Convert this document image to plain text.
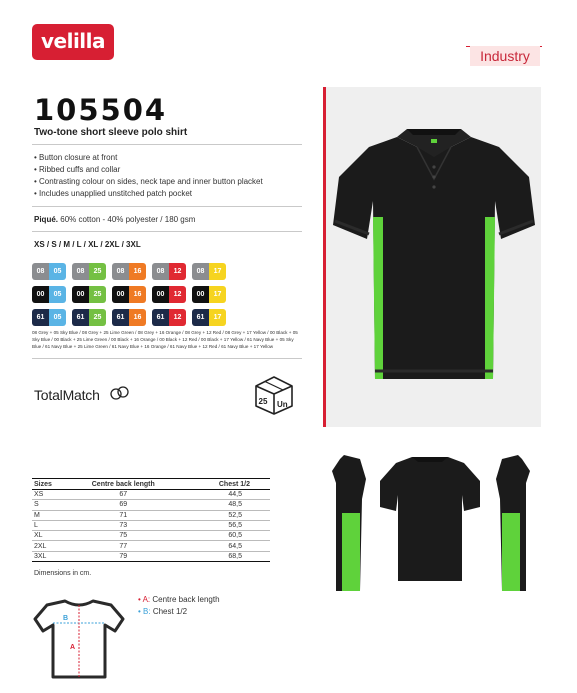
velilla
Industry
105504
Two-tone short sleeve polo shirt
• Button closure at front
• Ribbed cuffs and collar
• Contrasting colour on sides, neck tape and inner button placket
• Includes unapplied unstitched patch pocket
Piqué. 60% cotton - 40% polyester / 180 gsm
XS / S / M / L / XL / 2XL / 3XL
08	05	08	25	08	16	08	12	08	17
00	05	00	25	00	16	00	12	00	17
61	05	61	25	61	16	61	12	61	17
08 Grey + 05 Sky Blue / 08 Grey + 25 Lime Green / 08 Grey + 16 Orange / 08 Grey + 12 Red / 08 Grey + 17 Yellow / 00 Black + 05 Sky Blue / 00 Black + 25 Lime Green / 00 Black + 16 Orange / 00 Black + 12 Red / 00 Black + 17 Yellow / 61 Navy Blue + 05 Sky Blue / 61 Navy Blue + 25 Lime Green / 61 Navy Blue + 16 Orange / 61 Navy Blue + 12 Red / 61 Navy Blue + 17 Yellow
TotalMatch	25 Un
Sizes	Centre back length	Chest 1/2
XS	67	44,5
S	69	48,5
M	71	52,5
L	73	56,5
XL	75	60,5
2XL	77	64,5
3XL	79	68,5
Dimensions in cm.
B
A
• A: Centre back length
• B: Chest 1/2
